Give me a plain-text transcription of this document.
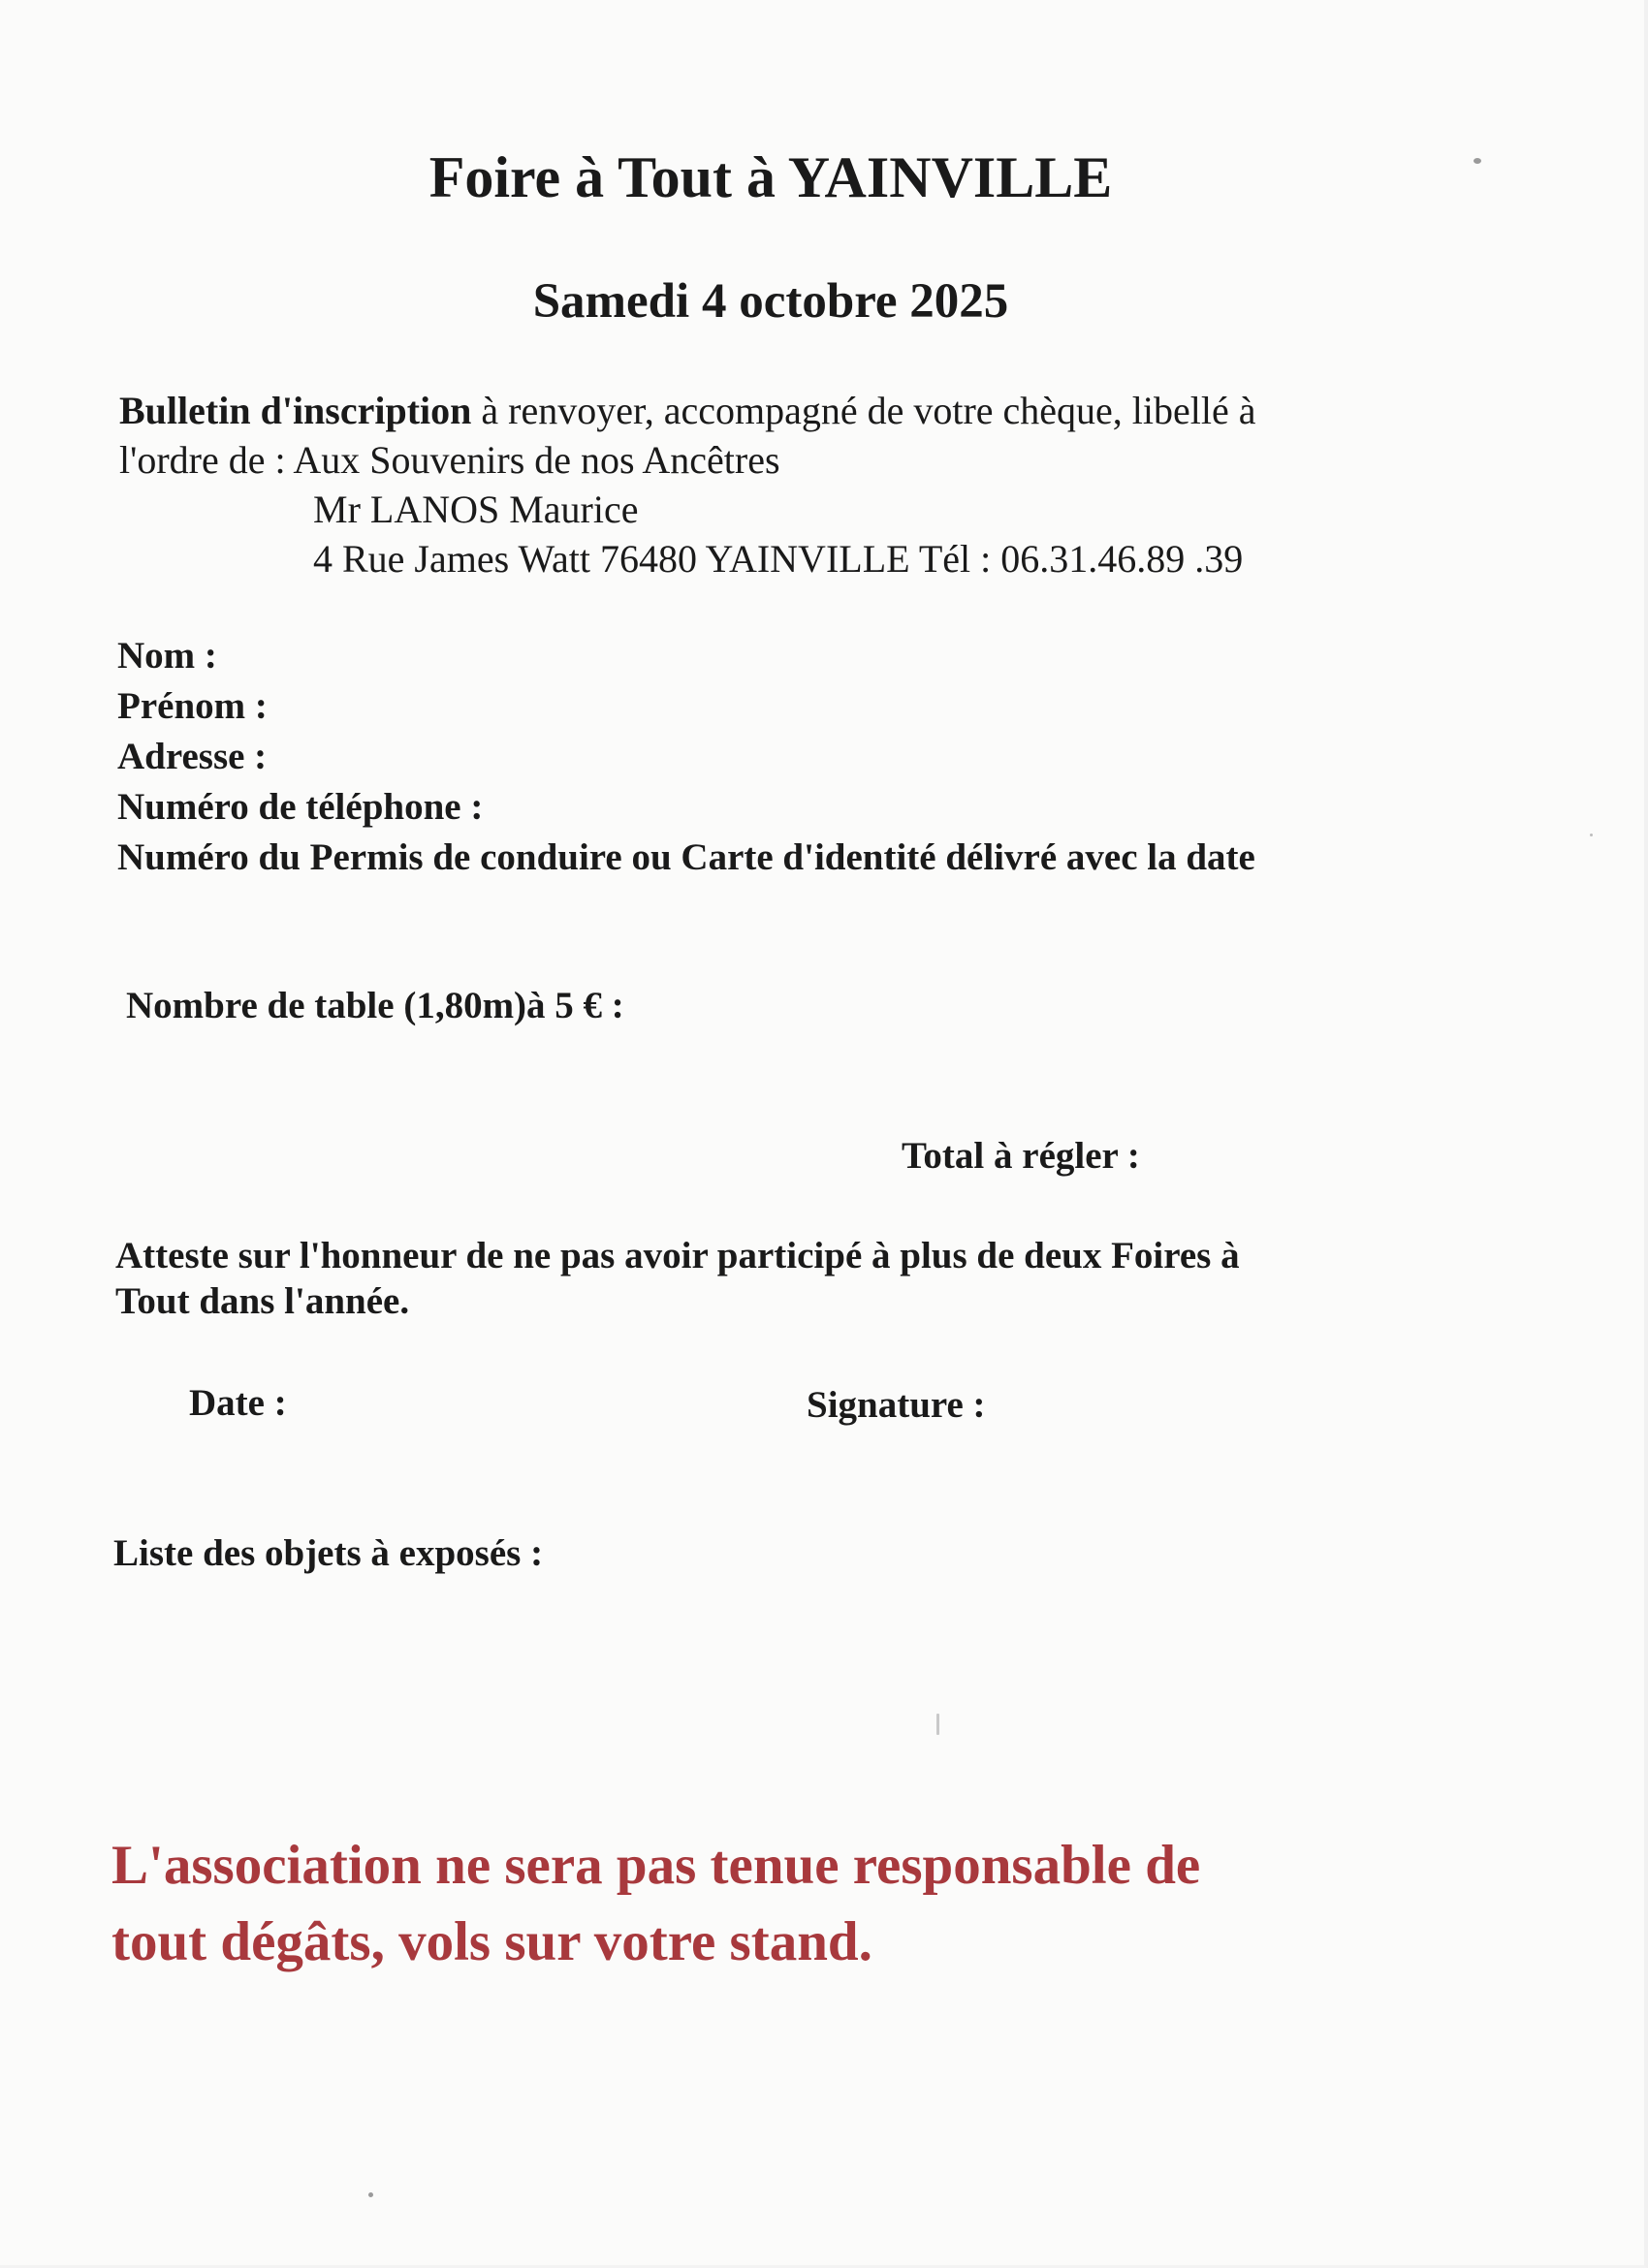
Foire à Tout à YAINVILLE
Samedi 4 octobre 2025
Bulletin d'inscription à renvoyer, accompagné de votre chèque, libellé à
l'ordre de : Aux Souvenirs de nos Ancêtres
Mr LANOS Maurice
4 Rue James Watt 76480 YAINVILLE Tél : 06.31.46.89 .39
Nom :
Prénom :
Adresse :
Numéro de téléphone :
Numéro du Permis de conduire ou Carte d'identité délivré avec la date
Nombre de table (1,80m)à 5 € :
Total à régler :
Atteste sur l'honneur de ne pas avoir participé à plus de deux Foires à
Tout dans l'année.
Date :	Signature :
Liste des objets à exposés :
L'association ne sera pas tenue responsable de
tout dégâts, vols sur votre stand.
